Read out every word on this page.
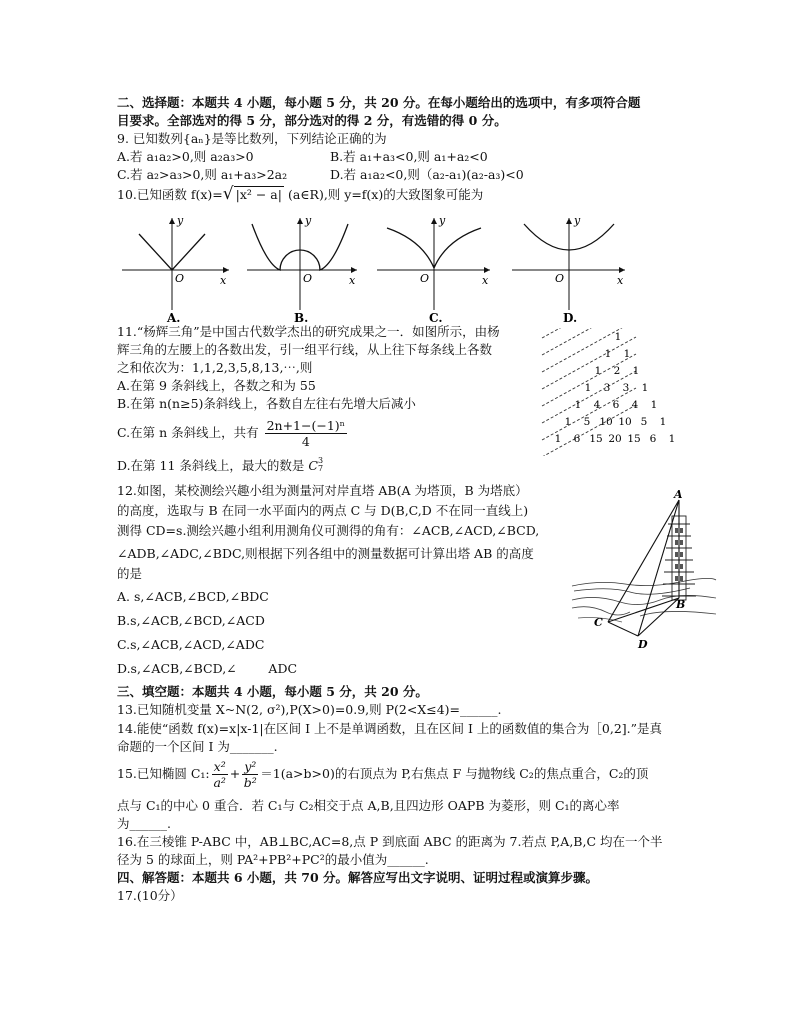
二、选择题：本题共 4 小题，每小题 5 分，共 20 分。在每小题给出的选项中，有多项符合题
目要求。全部选对的得 5 分，部分选对的得 2 分，有选错的得 0 分。
9. 已知数列{aₙ}是等比数列，下列结论正确的为
A.若 a₁a₂>0,则 a₂a₃>0	B.若 a₁+a₃<0,则 a₁+a₂<0
C.若 a₂>a₃>0,则 a₁+a₃>2a₂	D.若 a₁a₂<0,则（a₂-a₁)(a₂-a₃)<0
10.已知函数 f(x)=√ |x² − a| (a∈R),则 y=f(x)的大致图象可能为
O
y
x
A.
O
y
x
B.
O
y
x
C.
O
y
x
D.
11.“杨辉三角”是中国古代数学杰出的研究成果之一．如图所示，由杨
辉三角的左腰上的各数出发，引一组平行线，从上往下每条线上各数
之和依次为：1,1,2,3,5,8,13,⋯,则
A.在第 9 条斜线上，各数之和为 55
B.在第 n(n≥5)条斜线上，各数自左往右先增大后减小
C.在第 n 条斜线上，共有 $\frac{\text{2n+1−(−1)ⁿ}}{4}$
D.在第 11 条斜线上，最大的数是 C 3
7
1
1 1
1 2 1
1 3 3 1
1 4 6 4 1
1 5 10 10 5 1
1 6 15 20 15 6 1
12.如图，某校测绘兴趣小组为测量河对岸直塔 AB(A 为塔顶，B 为塔底）
的高度，选取与 B 在同一水平面内的两点 C 与 D(B,C,D 不在同一直线上)
测得 CD=s.测绘兴趣小组利用测角仪可测得的角有：∠ACB,∠ACD,∠BCD,
∠ADB,∠ADC,∠BDC,则根据下列各组中的测量数据可计算出塔 AB 的高度
的是
A. s,∠ACB,∠BCD,∠BDC
B.s,∠ACB,∠BCD,∠ACD
C.s,∠ACB,∠ACD,∠ADC
D.s,∠ACB,∠BCD,∠        ADC
A
B
C
D
三、填空题：本题共 4 小题，每小题 5 分，共 20 分。
13.已知随机变量 X~N(2, σ²),P(X>0)=0.9,则 P(2<X≤4)=______.
14.能使“函数 f(x)=x|x-1|在区间 I 上不是单调函数，且在区间 I 上的函数值的集合为［0,2].”是真
命题的一个区间 I 为_______.
15.已知椭圆 C₁: $\frac{\text{x²}}{\text{a²}} + \frac{\text{y²}}{\text{b²}} =1(a>b>0)$的右顶点为 P,右焦点 F 与抛物线 C₂的焦点重合，C₂的顶
点与 C₁的中心 0 重合．若 C₁与 C₂相交于点 A,B,且四边形 OAPB 为菱形，则 C₁的离心率
为______.
16.在三棱锥 P-ABC 中，AB⊥BC,AC=8,点 P 到底面 ABC 的距离为 7.若点 P,A,B,C 均在一个半
径为 5 的球面上，则 PA²+PB²+PC²的最小值为______.
四、解答题：本题共 6 小题，共 70 分。解答应写出文字说明、证明过程或演算步骤。
17.(10分）
